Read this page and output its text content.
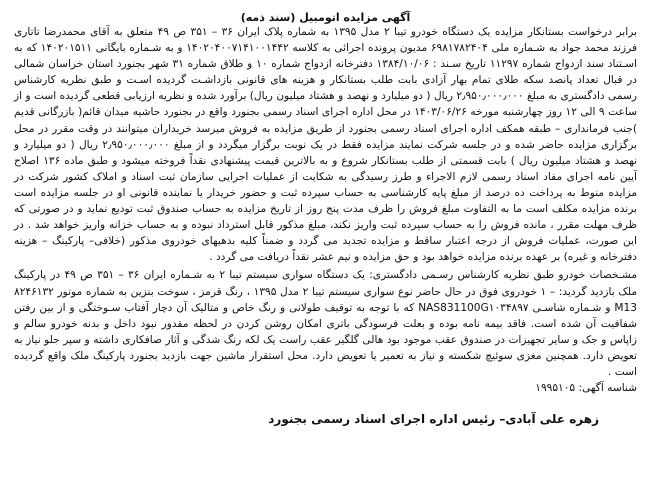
آگهی مزایده اتومبیل (سند ذمه)

برابر درخواست بستانکار مزایده یک دستگاه خودرو تیبا ۲ مدل ۱۳۹۵ به شماره پلاک ایران ۳۶ – ۳۵۱ ص ۴۹ متعلق به آقای محمدرضا تاتاری فرزند محمد جواد به شـماره ملی ۶۹۸۱۷۸۲۴۰۴ مدیون پرونده اجرائی به کلاسه ۱۴۰۲۰۴۰۰۷۱۴۱۰۰۱۴۴۲ و به شـماره بایگانی ۱۴۰۲۰۱۵۱۱ که به اسـتناد سند ازدواج شماره ۱۱۲۹۷ تاریخ سـند : ۱۳۸۴/۱۰/۰۶ دفترخانه ازدواج شماره ۱۰ و طلاق شماره ۳۱ شهر بجنورد استان خراسان شمالی در قبال تعداد پانصد سکه طلای تمام بهار آزادی بابت طلب بستانکار و هزینه های قانونی بازداشـت گردیده اسـت و طبق نظریه کارشناس رسمی دادگستری به مبلغ ۲٫۹۵۰٫۰۰۰٫۰۰۰ ریال ( دو میلیارد و نهصد و هشتاد میلیون ریال) برآورد شده و نظریه ارزیابی قطعی گردیده است و از ساعت ۹ الی ۱۲ روز چهارشنبه مورخه ۱۴۰۳/۰۶/۲۶ در محل اداره اجرای اسناد رسمی بجنورد واقع در بجنورد حاشیه میدان قائم( بازرگانی قدیم )جنب فرمانداری – طبقه همکف اداره اجرای اسناد رسمی بجنورد از طریق مزایده به فروش میرسد خریداران میتوانند در وقت مقرر در محل برگزاری مزایده حاضر شده و در جلسه شرکت نمایند مزایده فقط در یک نوبت برگزار میگردد و از مبلغ ۲٫۹۵۰٫۰۰۰٫۰۰۰ ریال ( دو میلیارد و نهصد و هشتاد میلیون ریال ) بابت قسمتی از طلب بستانکار شروع و به بالاترین قیمت پیشنهادی نقداً فروخته میشود و طبق ماده ۱۳۶ اصلاح آیین نامه اجرای مفاد اسناد رسمی لازم الاجراء و طرز رسیدگی به شکایت از عملیات اجرایی سازمان ثبت اسناد و املاک کشور شرکت در مزایده منوط به پرداخت ده درصد از مبلغ پایه کارشناسی به حساب سپرده ثبت و حضور خریدار یا نماینده قانونی او در جلسه مزایده است برنده مزایده مکلف است ما به التفاوت مبلغ فروش را ظرف مدت پنج روز از تاریخ مزایده به حساب صندوق ثبت تودیع نماید و در صورتی که ظرف مهلت مقرر ، مانده فروش را به حساب سپرده ثبت واریز نکند، مبلغ مذکور قابل استرداد نبوده و به حساب خزانه واریز خواهد شد . در این صورت، عملیات فروش از درجه اعتبار ساقط و مزایده تجدید می گردد و ضمناً کلیه بدهیهای خودروی مذکور (خلافی– پارکینگ – هزینه دفترخانه و غیره) بر عهده برنده مزایده خواهد بود و حق مزایده و نیم عشر نقداً دریافت می گردد .

مشـخصات خودرو طبق نظریه کارشناس رسـمی دادگستری: یک دستگاه سواری سیستم تیبا ۲ به شـماره ایران ۳۶ – ۳۵۱ ص ۴۹ در پارکینگ ملک بازدید گردید: – ۱ خودروی فوق در حال حاضر نوع سواری سیستم تیبا ۲ مدل ۱۳۹۵ ، رنگ قرمز ، سوخت بنزین به شماره موتور ۸۲۴۶۱۳۲ M13 و شـماره شاسـی NAS831100G۱۰۳۴۸۹۷ که با توجه به توقیف طولانی و رنگ خاص و متالیک آن دچار آفتاب سـوختگی و از بین رفتن شفافیت آن شده است. فاقد بیمه نامه بوده و بعلت فرسودگی باتری امکان روشن کردن در لحظه مقدور نبود داخل و بدنه خودرو سالم و زاپاس و جک و سایر تجهیزات در صندوق عقب موجود بود هالی گلگیر عقب راست یک لکه رنگ شدگی و آثار صافکاری داشته و سپر جلو نیاز به تعویض دارد. همچنین مغزی سوئیچ شکسته و نیاز به تعمیر یا تعویض دارد. محل استقرار ماشین جهت بازدید بجنورد پارکینگ ملک واقع گردیده است .

شناسه آگهی: ۱۹۹۵۱۰۵
زهره علی آبادی– رئیس اداره اجرای اسناد رسمی بجنورد
